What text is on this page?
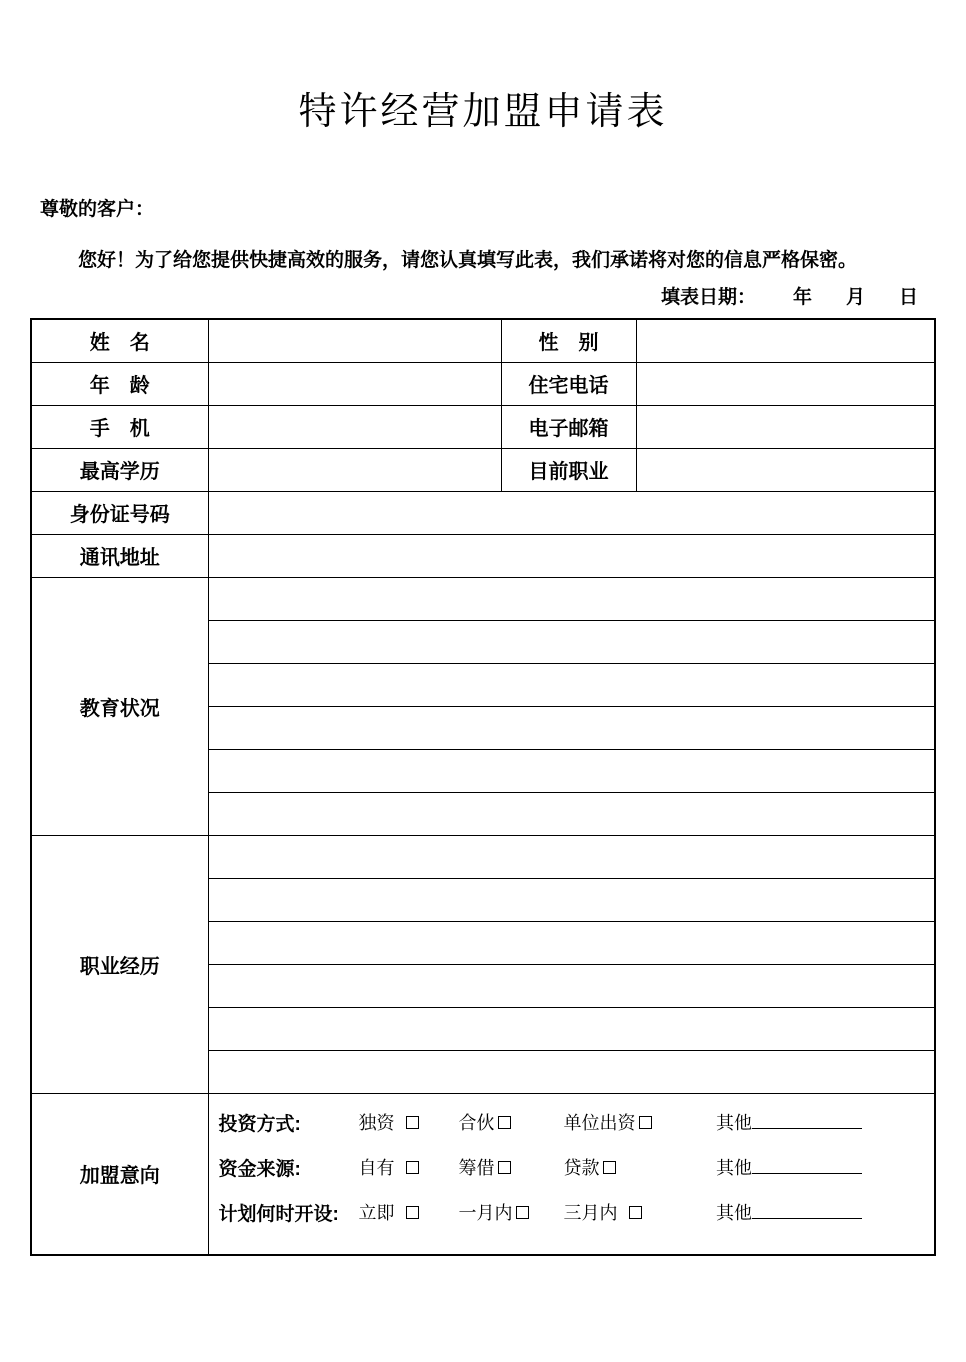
特许经营加盟申请表

尊敬的客户：

您好！为了给您提供快捷高效的服务，请您认真填写此表，我们承诺将对您的信息严格保密。

填表日期： 年 月 日
姓　名		性　别	
年　龄		住宅电话	
手　机		电子邮箱	
最高学历		目前职业	
身份证号码			
通讯地址			
教育状况			

职业经历			

加盟意向	
投资方式:	独资	合伙	单位出资	其他
资金来源:	自有	筹借	贷款	其他
计划何时开设:	立即	一月内	三月内	其他
